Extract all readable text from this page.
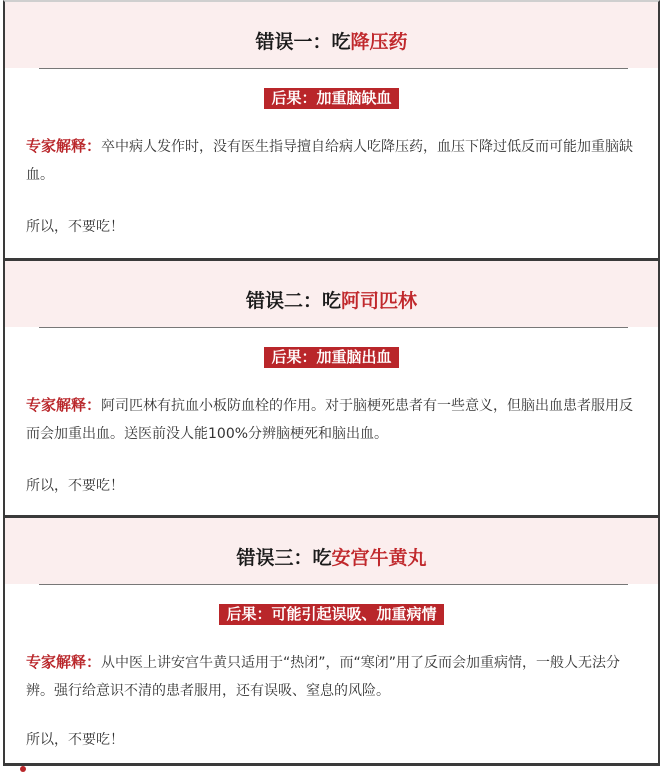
错误一：吃降压药
后果：加重脑缺血
专家解释：卒中病人发作时，没有医生指导擅自给病人吃降压药，血压下降过低反而可能加重脑缺血。
所以，不要吃！
错误二：吃阿司匹林
后果：加重脑出血
专家解释：阿司匹林有抗血小板防血栓的作用。对于脑梗死患者有一些意义，但脑出血患者服用反而会加重出血。送医前没人能100%分辨脑梗死和脑出血。
所以，不要吃！
错误三：吃安宫牛黄丸
后果：可能引起误吸、加重病情
专家解释：从中医上讲安宫牛黄只适用于“热闭”，而“寒闭”用了反而会加重病情，一般人无法分辨。强行给意识不清的患者服用，还有误吸、窒息的风险。
所以，不要吃！
